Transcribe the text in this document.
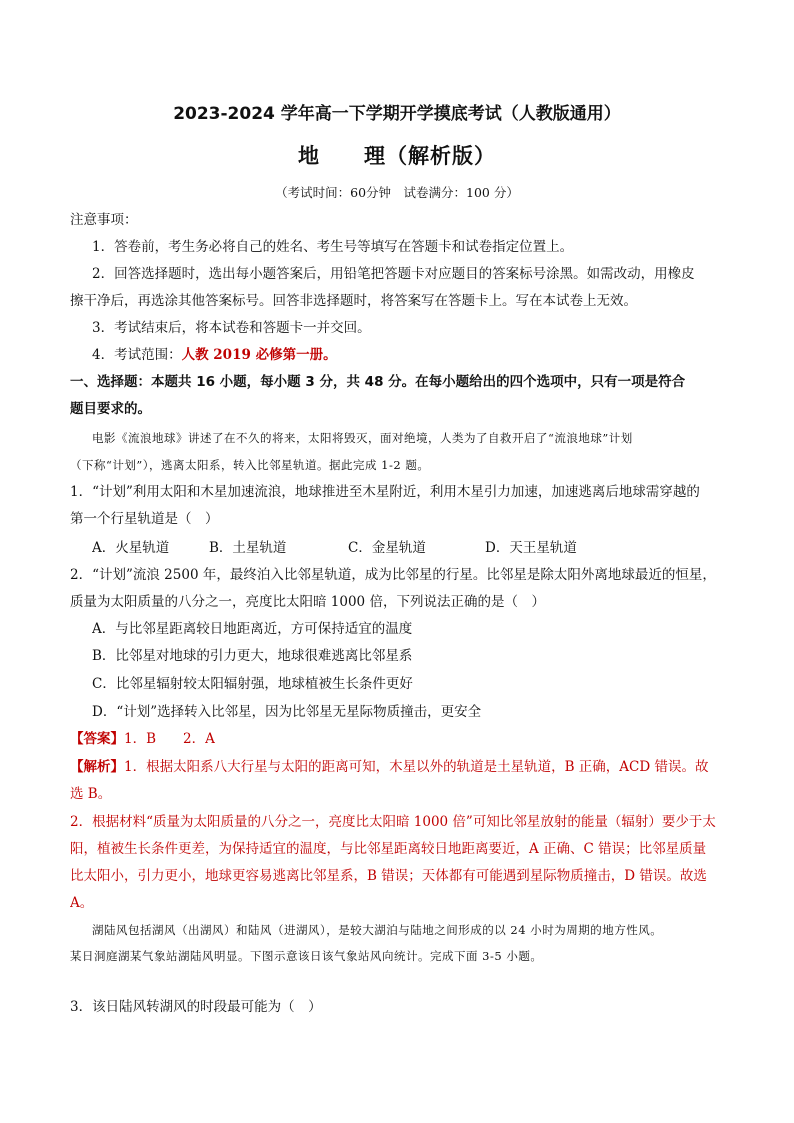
2023-2024 学年高一下学期开学摸底考试（人教版通用）
地　　理（解析版）
（考试时间：60分钟　试卷满分：100 分）
注意事项：
1．答卷前，考生务必将自己的姓名、考生号等填写在答题卡和试卷指定位置上。
2．回答选择题时，选出每小题答案后，用铅笔把答题卡对应题目的答案标号涂黑。如需改动，用橡皮
擦干净后，再选涂其他答案标号。回答非选择题时，将答案写在答题卡上。写在本试卷上无效。
3．考试结束后，将本试卷和答题卡一并交回。
4．考试范围：人教 2019 必修第一册。
一、选择题：本题共 16 小题，每小题 3 分，共 48 分。在每小题给出的四个选项中，只有一项是符合
题目要求的。
电影《流浪地球》讲述了在不久的将来，太阳将毁灭，面对绝境，人类为了自救开启了“流浪地球”计划
（下称“计划”），逃离太阳系，转入比邻星轨道。据此完成 1-2 题。
1．“计划”利用太阳和木星加速流浪，地球推进至木星附近，利用木星引力加速，加速逃离后地球需穿越的
第一个行星轨道是（　）
A．火星轨道	B．土星轨道	C．金星轨道	D．天王星轨道
2．“计划”流浪 2500 年，最终泊入比邻星轨道，成为比邻星的行星。比邻星是除太阳外离地球最近的恒星，
质量为太阳质量的八分之一，亮度比太阳暗 1000 倍，下列说法正确的是（　）
A．与比邻星距离较日地距离近，方可保持适宜的温度
B．比邻星对地球的引力更大，地球很难逃离比邻星系
C．比邻星辐射较太阳辐射强，地球植被生长条件更好
D．“计划”选择转入比邻星，因为比邻星无星际物质撞击，更安全
【答案】1．B　　2．A
【解析】1．根据太阳系八大行星与太阳的距离可知，木星以外的轨道是土星轨道，B 正确，ACD 错误。故
选 B。
2．根据材料“质量为太阳质量的八分之一，亮度比太阳暗 1000 倍”可知比邻星放射的能量（辐射）要少于太
阳，植被生长条件更差，为保持适宜的温度，与比邻星距离较日地距离要近，A 正确、C 错误；比邻星质量
比太阳小，引力更小，地球更容易逃离比邻星系，B 错误；天体都有可能遇到星际物质撞击，D 错误。故选
A。
湖陆风包括湖风（出湖风）和陆风（进湖风），是较大湖泊与陆地之间形成的以 24 小时为周期的地方性风。
某日洞庭湖某气象站湖陆风明显。下图示意该日该气象站风向统计。完成下面 3-5 小题。
3．该日陆风转湖风的时段最可能为（　）
